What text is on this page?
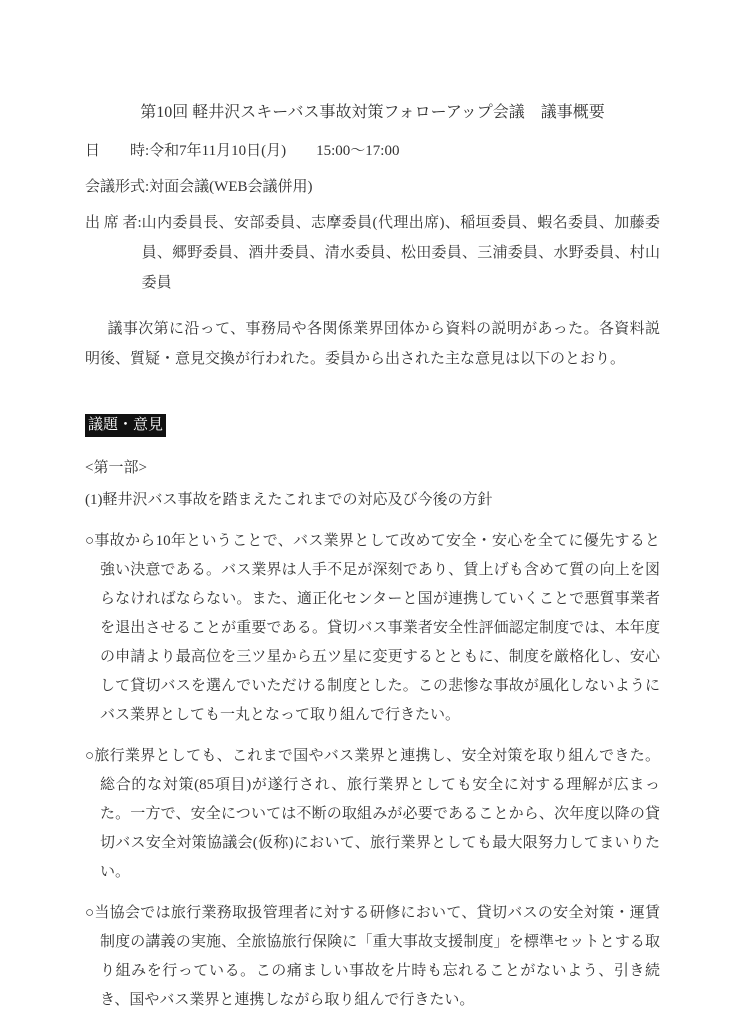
第10回 軽井沢スキーバス事故対策フォローアップ会議　議事概要
日　　時: 令和7年11月10日(月)　　15:00〜17:00
会議形式: 対面会議(WEB会議併用)
出 席 者: 山内委員長、安部委員、志摩委員(代理出席)、稲垣委員、蝦名委員、加藤委員、郷野委員、酒井委員、清水委員、松田委員、三浦委員、水野委員、村山委員

議事次第に沿って、事務局や各関係業界団体から資料の説明があった。各資料説明後、質疑・意見交換が行われた。委員から出された主な意見は以下のとおり。

議題・意見

<第一部>

(1)軽井沢バス事故を踏まえたこれまでの対応及び今後の方針

○事故から10年ということで、バス業界として改めて安全・安心を全てに優先すると強い決意である。バス業界は人手不足が深刻であり、賃上げも含めて質の向上を図らなければならない。また、適正化センターと国が連携していくことで悪質事業者を退出させることが重要である。貸切バス事業者安全性評価認定制度では、本年度の申請より最高位を三ツ星から五ツ星に変更するとともに、制度を厳格化し、安心して貸切バスを選んでいただける制度とした。この悲惨な事故が風化しないようにバス業界としても一丸となって取り組んで行きたい。

○旅行業界としても、これまで国やバス業界と連携し、安全対策を取り組んできた。総合的な対策(85項目)が遂行され、旅行業界としても安全に対する理解が広まった。一方で、安全については不断の取組みが必要であることから、次年度以降の貸切バス安全対策協議会(仮称)において、旅行業界としても最大限努力してまいりたい。

○当協会では旅行業務取扱管理者に対する研修において、貸切バスの安全対策・運賃制度の講義の実施、全旅協旅行保険に「重大事故支援制度」を標準セットとする取り組みを行っている。この痛ましい事故を片時も忘れることがないよう、引き続き、国やバス業界と連携しながら取り組んで行きたい。
